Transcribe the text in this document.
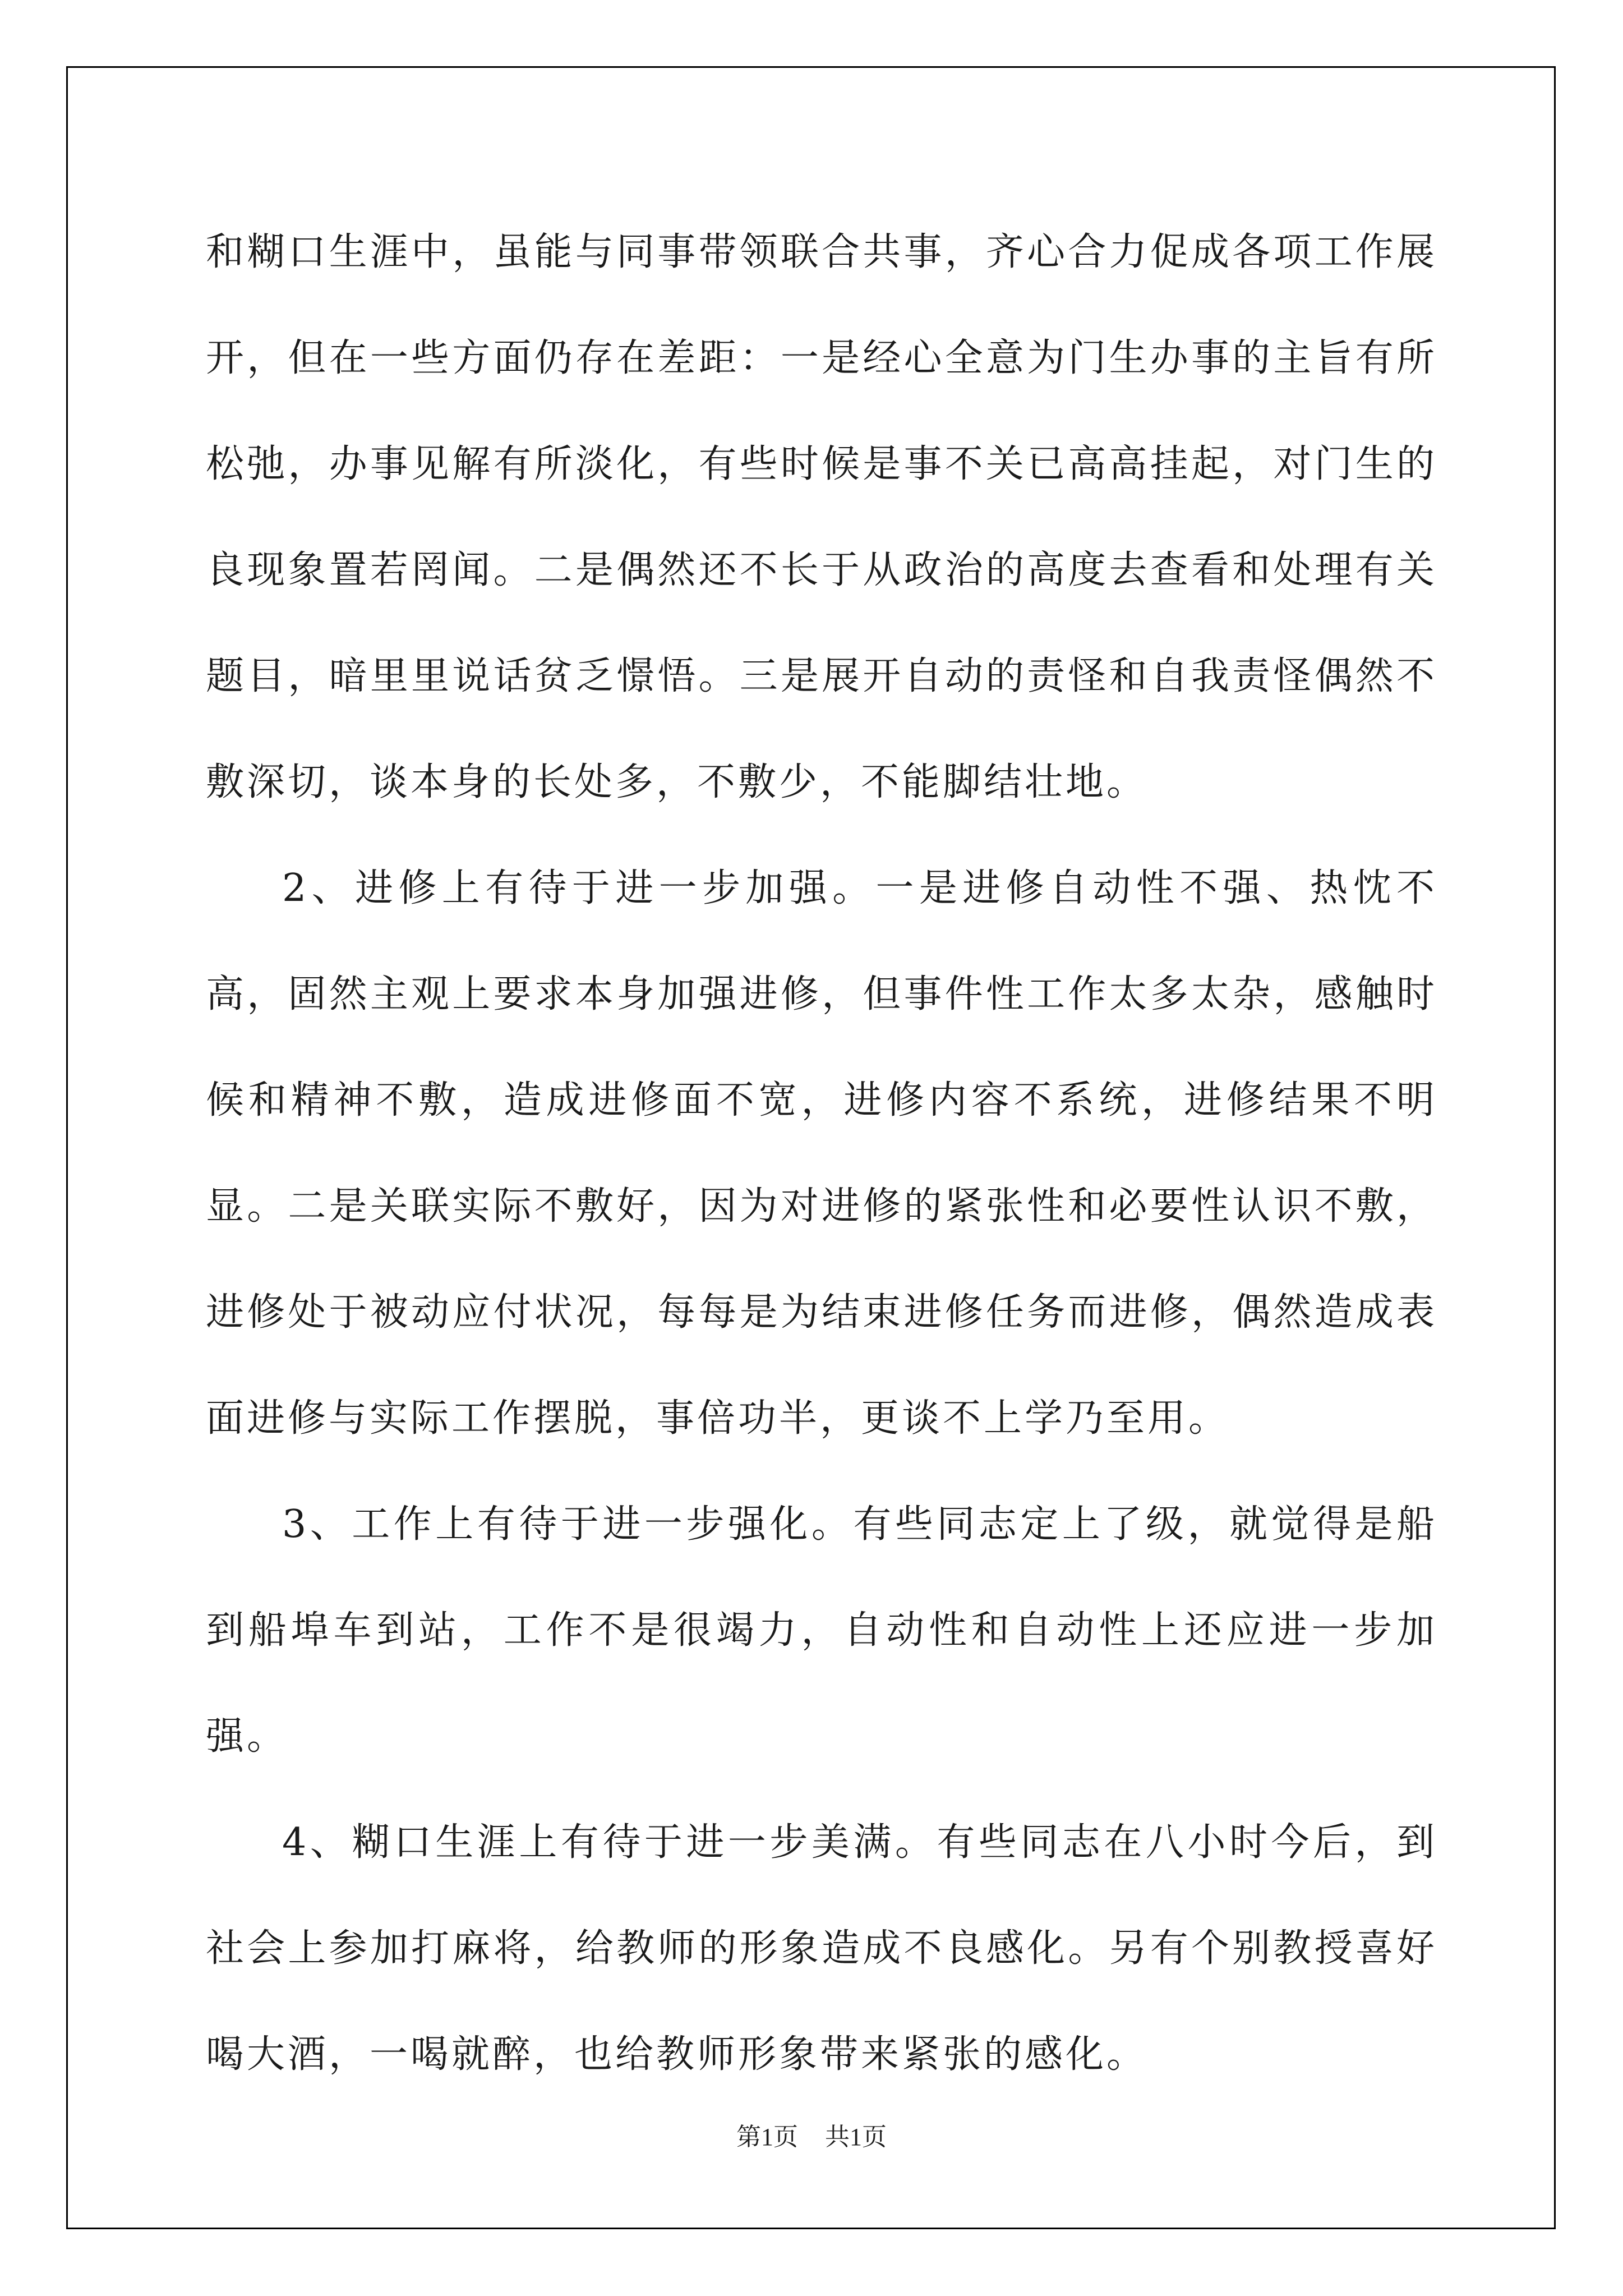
和糊口生涯中，虽能与同事带领联合共事，齐心合力促成各项工作展开，但在一些方面仍存在差距：一是经心全意为门生办事的主旨有所松弛，办事见解有所淡化，有些时候是事不关已高高挂起，对门生的良现象置若罔闻。二是偶然还不长于从政治的高度去查看和处理有关题目，暗里里说话贫乏憬悟。三是展开自动的责怪和自我责怪偶然不敷深切，谈本身的长处多，不敷少，不能脚结壮地。

2、进修上有待于进一步加强。一是进修自动性不强、热忱不高，固然主观上要求本身加强进修，但事件性工作太多太杂，感触时候和精神不敷，造成进修面不宽，进修内容不系统，进修结果不明显。二是关联实际不敷好，因为对进修的紧张性和必要性认识不敷，进修处于被动应付状况，每每是为结束进修任务而进修，偶然造成表面进修与实际工作摆脱，事倍功半，更谈不上学乃至用。

3、工作上有待于进一步强化。有些同志定上了级，就觉得是船到船埠车到站，工作不是很竭力，自动性和自动性上还应进一步加强。

4、糊口生涯上有待于进一步美满。有些同志在八小时今后，到社会上参加打麻将，给教师的形象造成不良感化。另有个别教授喜好喝大酒，一喝就醉，也给教师形象带来紧张的感化。

第1页 共1页
